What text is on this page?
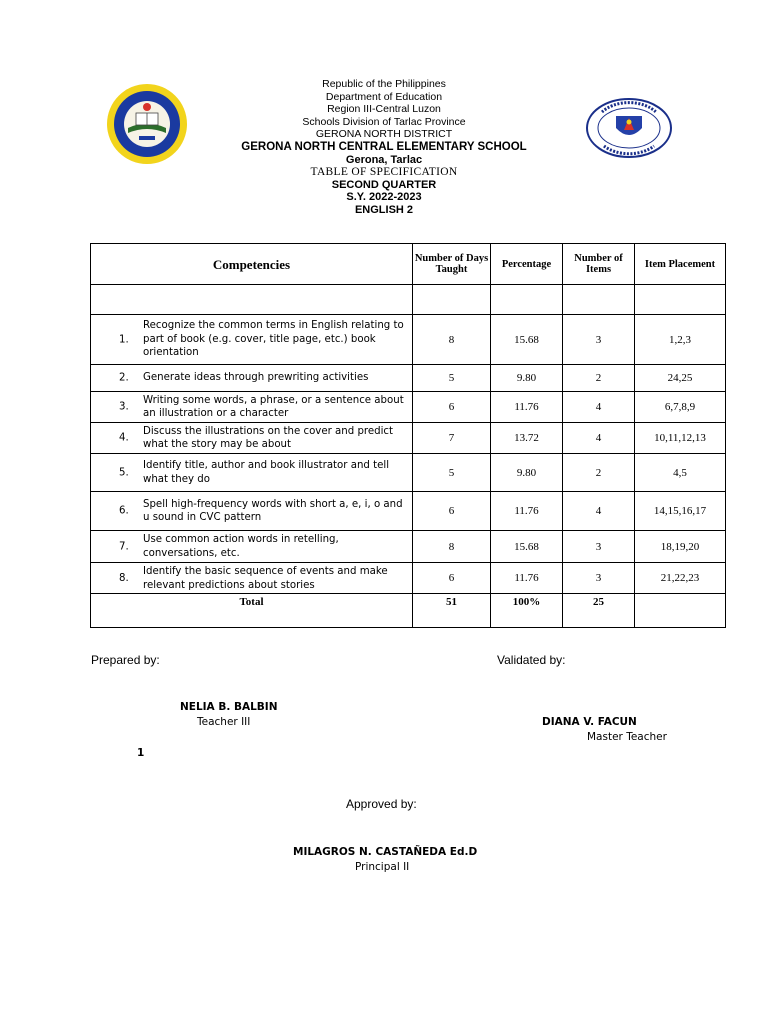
Republic of the Philippines
Department of Education
Region III-Central Luzon
Schools Division of Tarlac Province
GERONA NORTH DISTRICT
GERONA NORTH CENTRAL ELEMENTARY SCHOOL
Gerona, Tarlac
TABLE OF SPECIFICATION
SECOND QUARTER
S.Y. 2022-2023
ENGLISH 2
Competencies	Number of Days Taught	Percentage	Number of Items	Item Placement

1.
Recognize the common terms in English relating to part of book (e.g. cover, title page, etc.) book orientation	8	15.68	3	1,2,3

2. Generate ideas through prewriting activities	5	9.80	2	24,25

3.
Writing some words, a phrase, or a sentence about an illustration or a character	6	11.76	4	6,7,8,9

4.
Discuss the illustrations on the cover and predict what the story may be about	7	13.72	4	10,11,12,13

5.
Identify title, author and book illustrator and tell what they do	5	9.80	2	4,5

6.
Spell high-frequency words with short a, e, i, o and u sound in CVC pattern	6	11.76	4	14,15,16,17

7.
Use common action words in retelling, conversations, etc.	8	15.68	3	18,19,20

8.
Identify the basic sequence of events and make relevant predictions about stories	6	11.76	3	21,22,23
Total	51	100%	25	
Prepared by:	Validated by:
NELIA B. BALBIN
Teacher III	DIANA V. FACUN
Master Teacher
1
Approved by:
MILAGROS N. CASTAÑEDA Ed.D
Principal II
